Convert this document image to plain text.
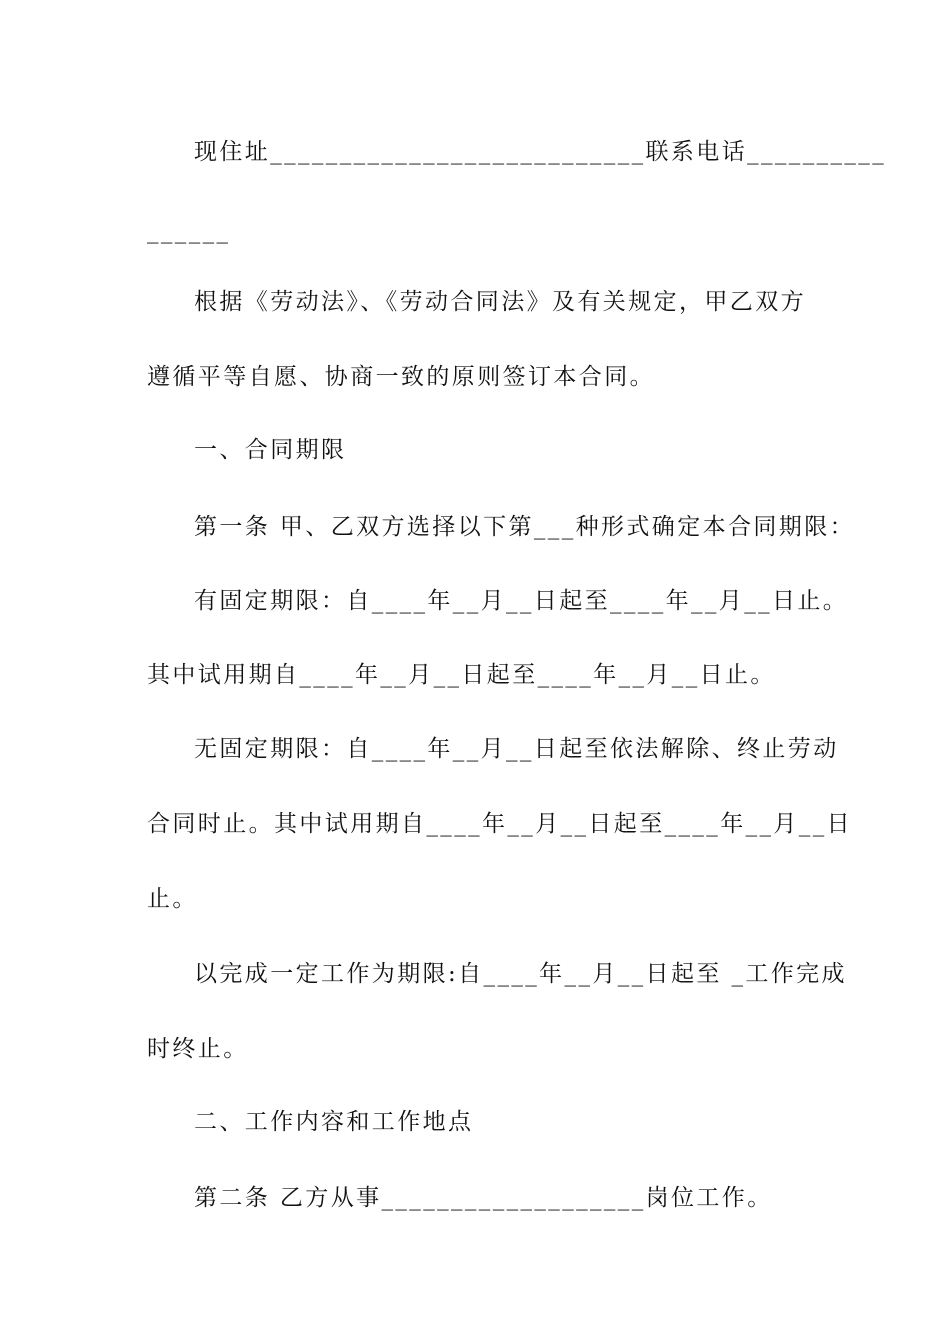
现住址___________________________联系电话__________
______
根据《劳动法》、《劳动合同法》及有关规定，甲乙双方
遵循平等自愿、协商一致的原则签订本合同。
一、合同期限
第一条 甲、乙双方选择以下第___种形式确定本合同期限：
有固定期限：自____年__月__日起至____年__月__日止。
其中试用期自____年__月__日起至____年__月__日止。
无固定期限：自____年__月__日起至依法解除、终止劳动
合同时止。其中试用期自____年__月__日起至____年__月__日
止。
以完成一定工作为期限:自____年__月__日起至 _工作完成
时终止。
二、工作内容和工作地点
第二条 乙方从事___________________岗位工作。
